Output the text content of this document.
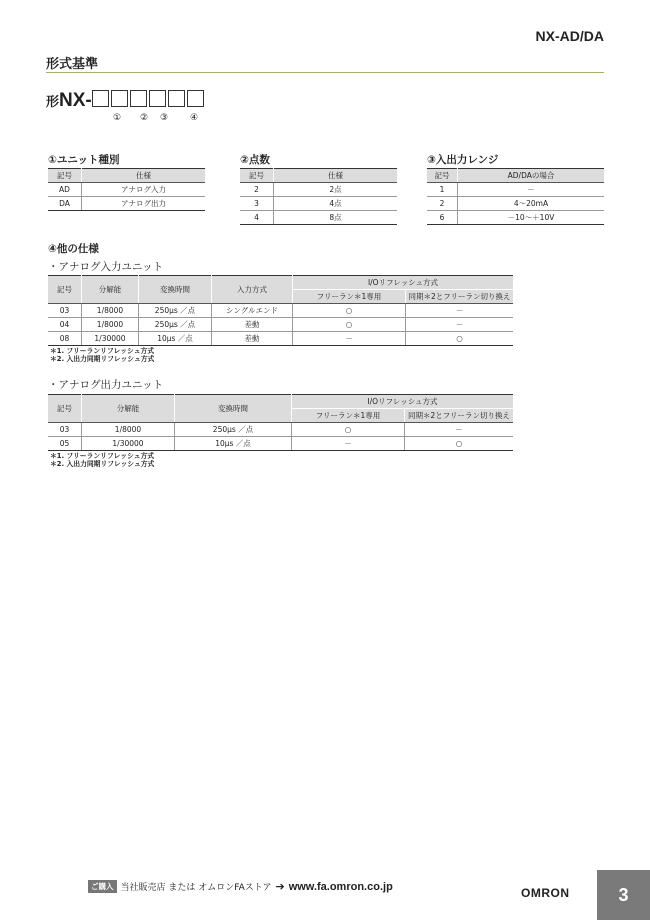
NX-AD/DA
形式基準
形NX-
① ② ③ ④
①ユニット種別
記号	仕様
AD	アナログ入力
DA	アナログ出力
②点数
記号	仕様
2	2点
3	4点
4	8点
③入出力レンジ
記号	AD/DAの場合
1	－
2	4～20mA
6	－10～＋10V
④他の仕様
・アナログ入力ユニット
記号	分解能	変換時間	入力方式	I/Oリフレッシュ方式	
				フリーラン＊1専用	同期＊2とフリーラン切り換え
03	1/8000	250μs ／点	シングルエンド	○	－
04	1/8000	250μs ／点	差動	○	－
08	1/30000	10μs ／点	差動	－	○
＊1. フリーランリフレッシュ方式
＊2. 入出力同期リフレッシュ方式
・アナログ出力ユニット
記号	分解能	変換時間	I/Oリフレッシュ方式	
			フリーラン＊1専用	同期＊2とフリーラン切り換え
03	1/8000	250μs ／点	○	－
05	1/30000	10μs ／点	－	○
＊1. フリーランリフレッシュ方式
＊2. 入出力同期リフレッシュ方式
ご購入 当社販売店 または オムロンFAストア ➔ www.fa.omron.co.jp	OMRON	3
